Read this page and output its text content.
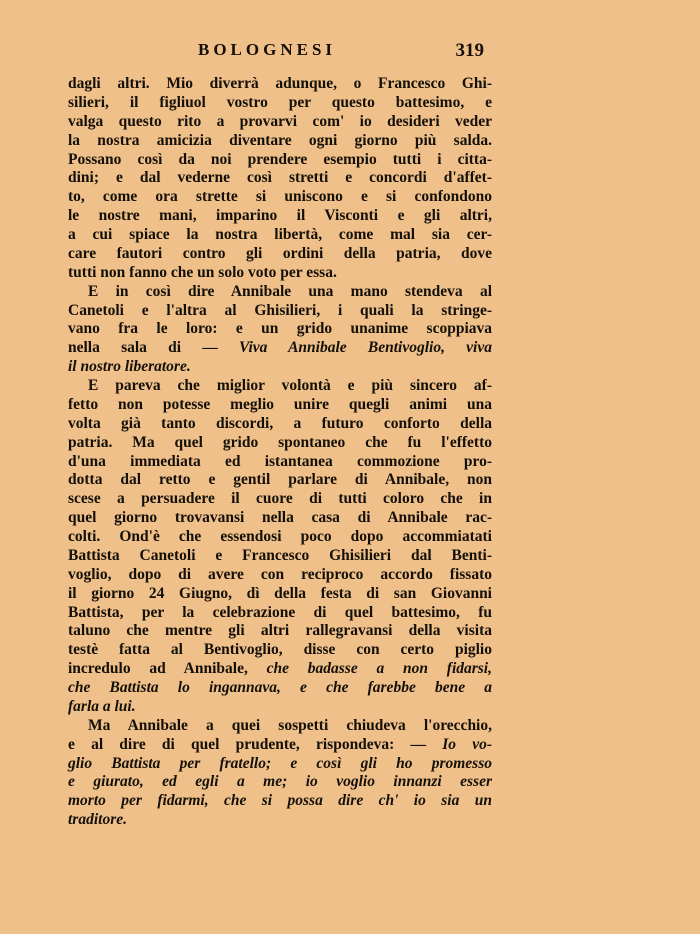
BOLOGNESI	319
dagli altri. Mio diverrà adunque, o Francesco Ghi-
silieri, il figliuol vostro per questo battesimo, e
valga questo rito a provarvi com' io desideri veder
la nostra amicizia diventare ogni giorno più salda.
Possano così da noi prendere esempio tutti i citta-
dini; e dal vederne così stretti e concordi d'affet-
to, come ora strette si uniscono e si confondono
le nostre mani, imparino il Visconti e gli altri,
a cui spiace la nostra libertà, come mal sia cer-
care fautori contro gli ordini della patria, dove
tutti non fanno che un solo voto per essa.
E in così dire Annibale una mano stendeva al
Canetoli e l'altra al Ghisilieri, i quali la stringe-
vano fra le loro: e un grido unanime scoppiava
nella sala di — Viva Annibale Bentivoglio, viva
il nostro liberatore.
E pareva che miglior volontà e più sincero af-
fetto non potesse meglio unire quegli animi una
volta già tanto discordi, a futuro conforto della
patria. Ma quel grido spontaneo che fu l'effetto
d'una immediata ed istantanea commozione pro-
dotta dal retto e gentil parlare di Annibale, non
scese a persuadere il cuore di tutti coloro che in
quel giorno trovavansi nella casa di Annibale rac-
colti. Ond'è che essendosi poco dopo accommiatati
Battista Canetoli e Francesco Ghisilieri dal Benti-
voglio, dopo di avere con reciproco accordo fissato
il giorno 24 Giugno, dì della festa di san Giovanni
Battista, per la celebrazione di quel battesimo, fu
taluno che mentre gli altri rallegravansi della visita
testè fatta al Bentivoglio, disse con certo piglio
incredulo ad Annibale, che badasse a non fidarsi,
che Battista lo ingannava, e che farebbe bene a
farla a lui.
Ma Annibale a quei sospetti chiudeva l'orecchio,
e al dire di quel prudente, rispondeva: — Io vo-
glio Battista per fratello; e così gli ho promesso
e giurato, ed egli a me; io voglio innanzi esser
morto per fidarmi, che si possa dire ch' io sia un
traditore.
